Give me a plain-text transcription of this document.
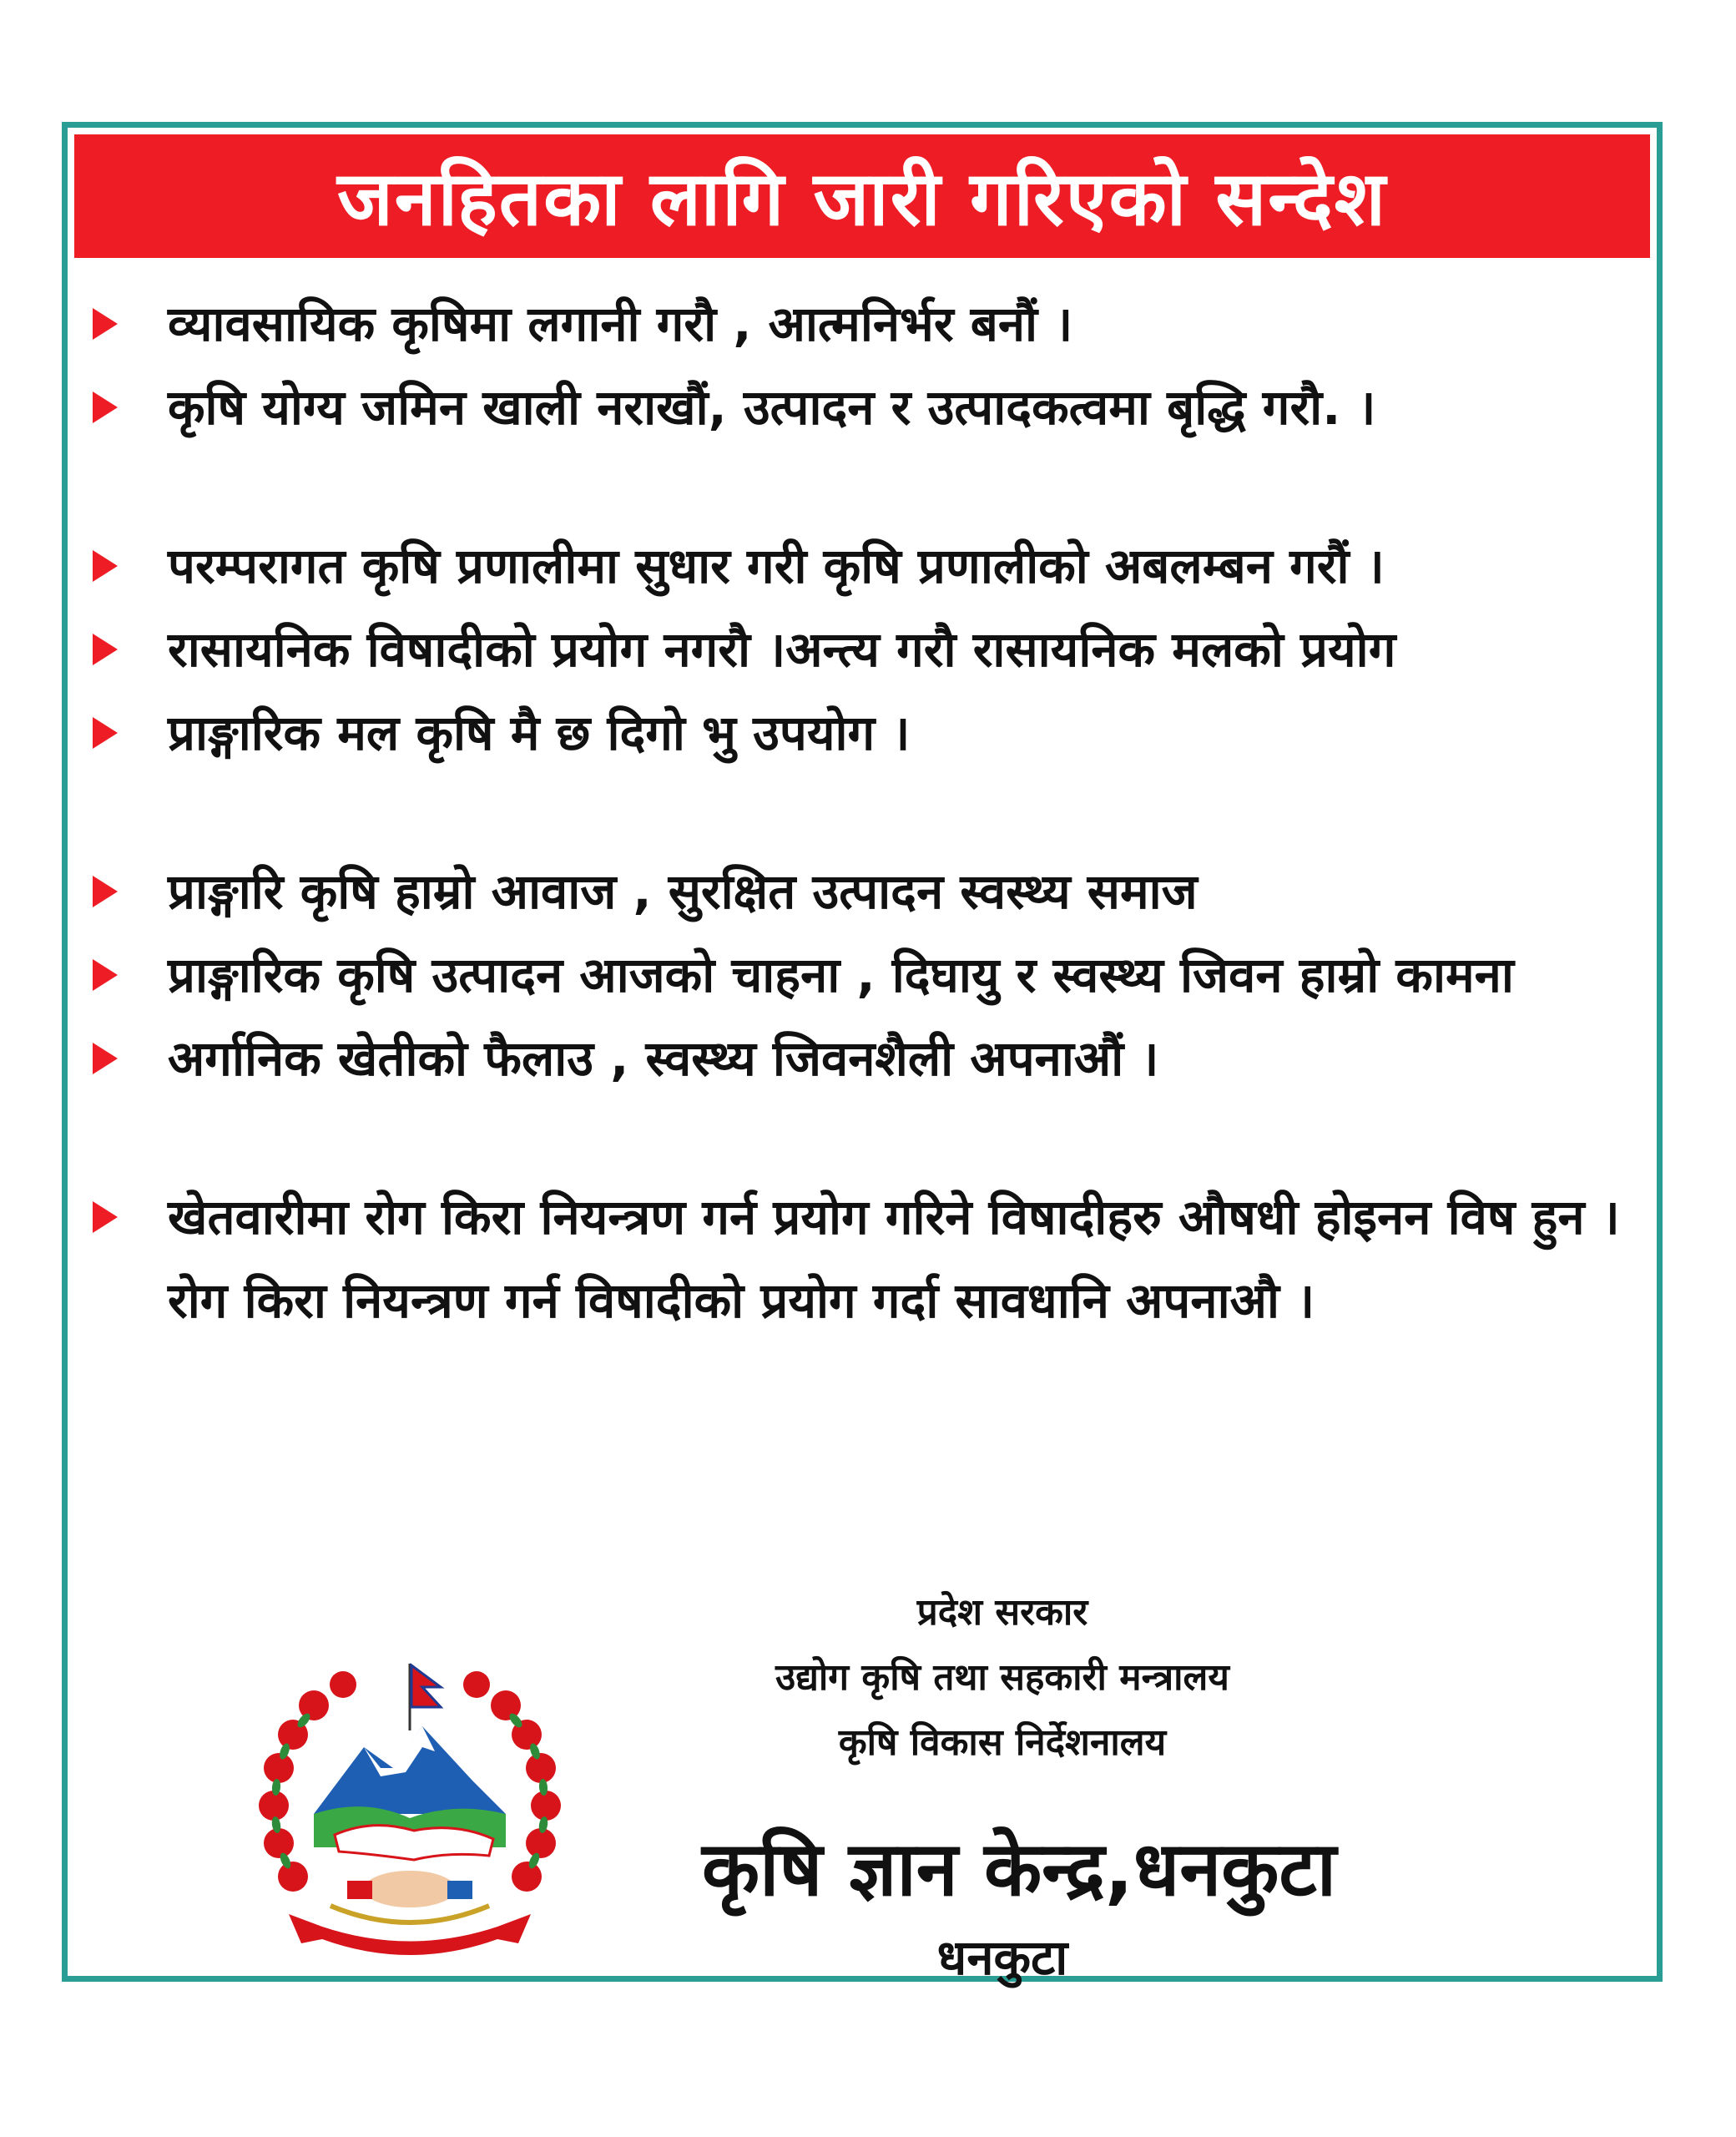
जनहितका लागि जारी गरिएको सन्देश
व्यावसायिक कृषिमा लगानी गरौ , आत्मनिर्भर बनौं ।
कृषि योग्य जमिन खाली नराखौं, उत्पादन र उत्पादकत्वमा बृद्धि गरौ. ।
परम्परागत कृषि प्रणालीमा सुधार गरी कृषि प्रणालीको अबलम्बन गरौं ।
रासायनिक विषादीको प्रयोग नगरौ ।अन्त्य गरौ रासायनिक मलको प्रयोग
प्राङ्गारिक मल कृषि मै छ दिगो भु उपयोग ।
प्राङ्गारि कृषि हाम्रो आवाज , सुरक्षित उत्पादन स्वस्थ्य समाज
प्राङ्गारिक कृषि उत्पादन आजको चाहना , दिघायु र स्वस्थ्य जिवन हाम्रो कामना
अर्गानिक खेतीको फैलाउ , स्वस्थ्य जिवनशैली अपनाऔं ।
खेतवारीमा रोग किरा नियन्त्रण गर्न प्रयोग गरिने विषादीहरु औषधी होइनन विष हुन । रोग किरा नियन्त्रण गर्न विषादीको प्रयोग गर्दा सावधानि अपनाऔ ।
प्रदेश सरकार
उद्योग कृषि तथा सहकारी मन्त्रालय
कृषि विकास निर्देशनालय
कृषि ज्ञान केन्द्र,धनकुटा
धनकुटा
